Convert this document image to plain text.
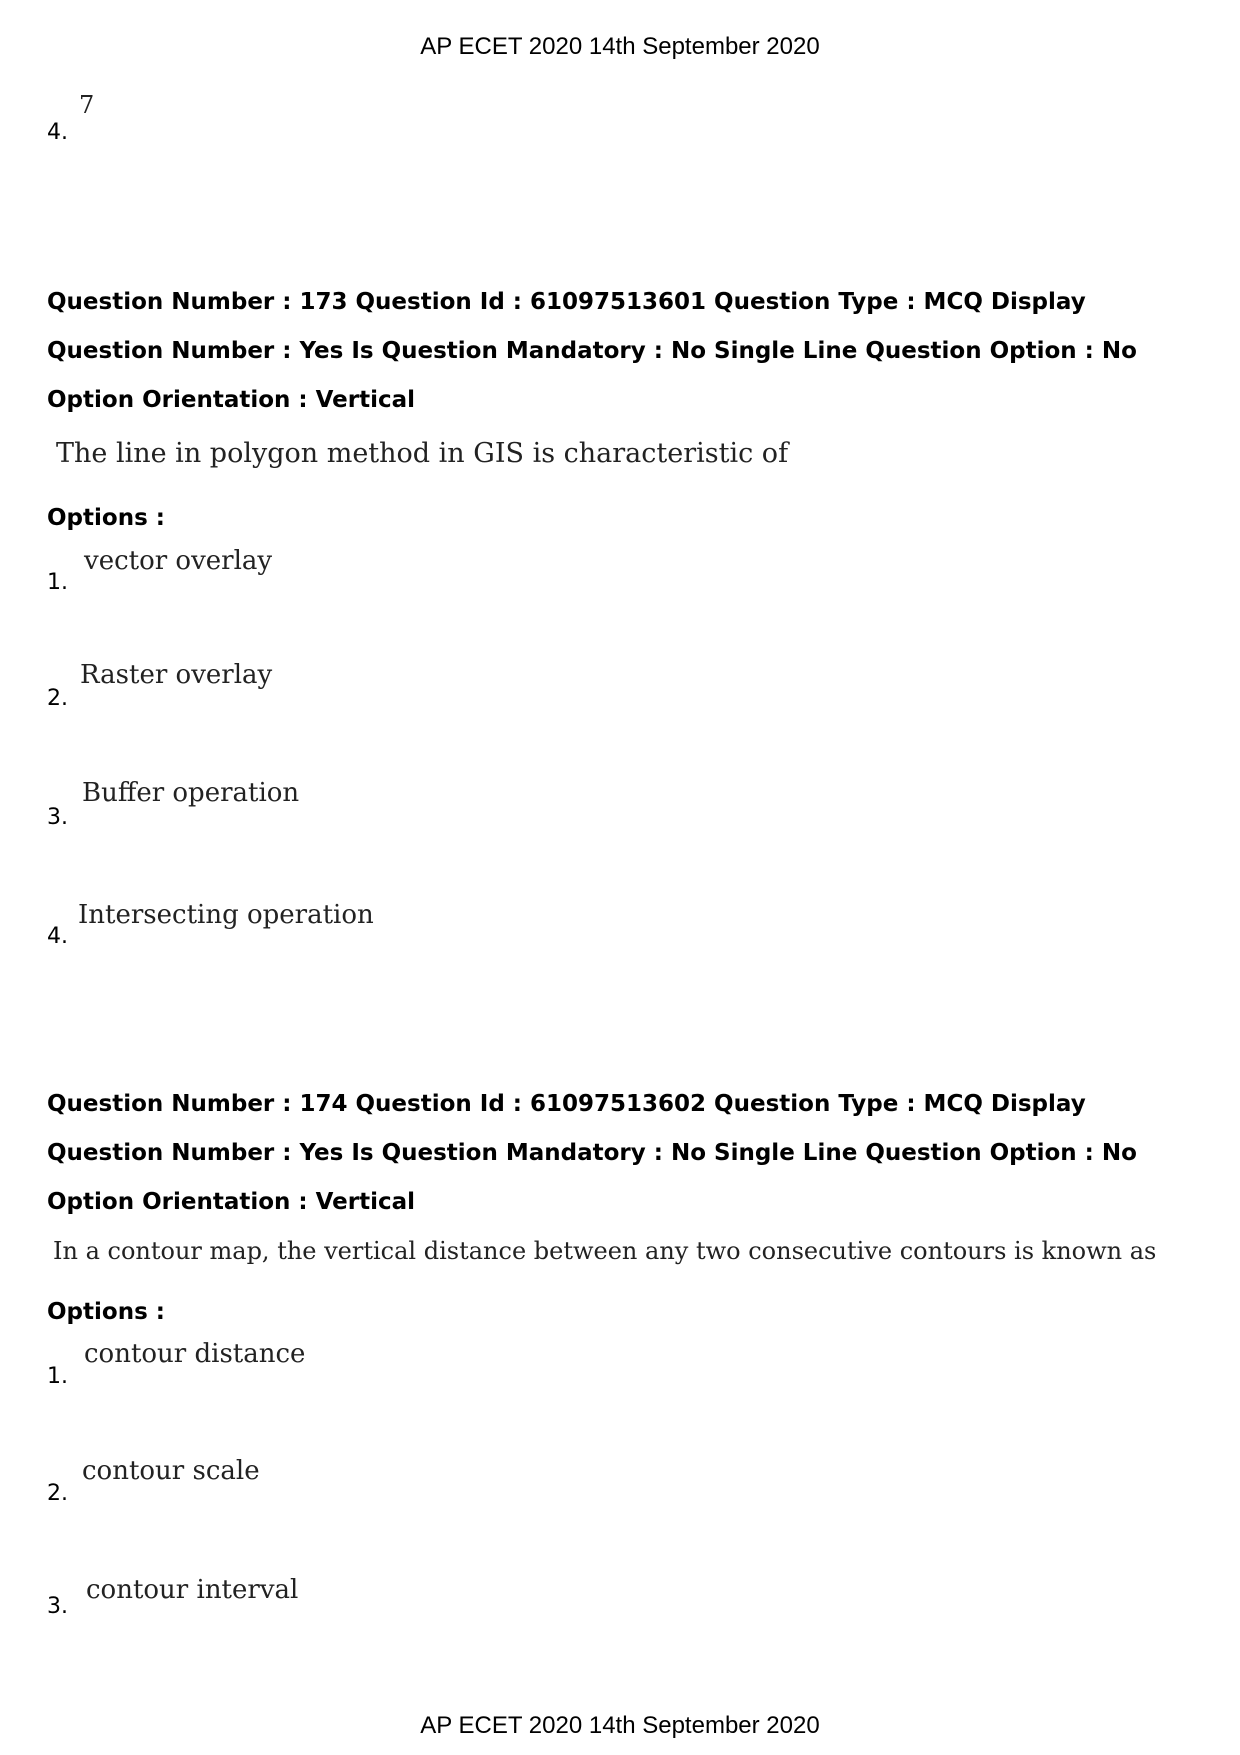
AP ECET 2020 14th September 2020
4.
7
Question Number : 173 Question Id : 61097513601 Question Type : MCQ Display Question Number : Yes Is Question Mandatory : No Single Line Question Option : No Option Orientation : Vertical
The line in polygon method in GIS is characteristic of
Options :
1.
vector overlay
2.
Raster overlay
3.
Buffer operation
4.
Intersecting operation
Question Number : 174 Question Id : 61097513602 Question Type : MCQ Display Question Number : Yes Is Question Mandatory : No Single Line Question Option : No Option Orientation : Vertical
In a contour map, the vertical distance between any two consecutive contours is known as
Options :
1.
contour distance
2.
contour scale
3.
contour interval
AP ECET 2020 14th September 2020
